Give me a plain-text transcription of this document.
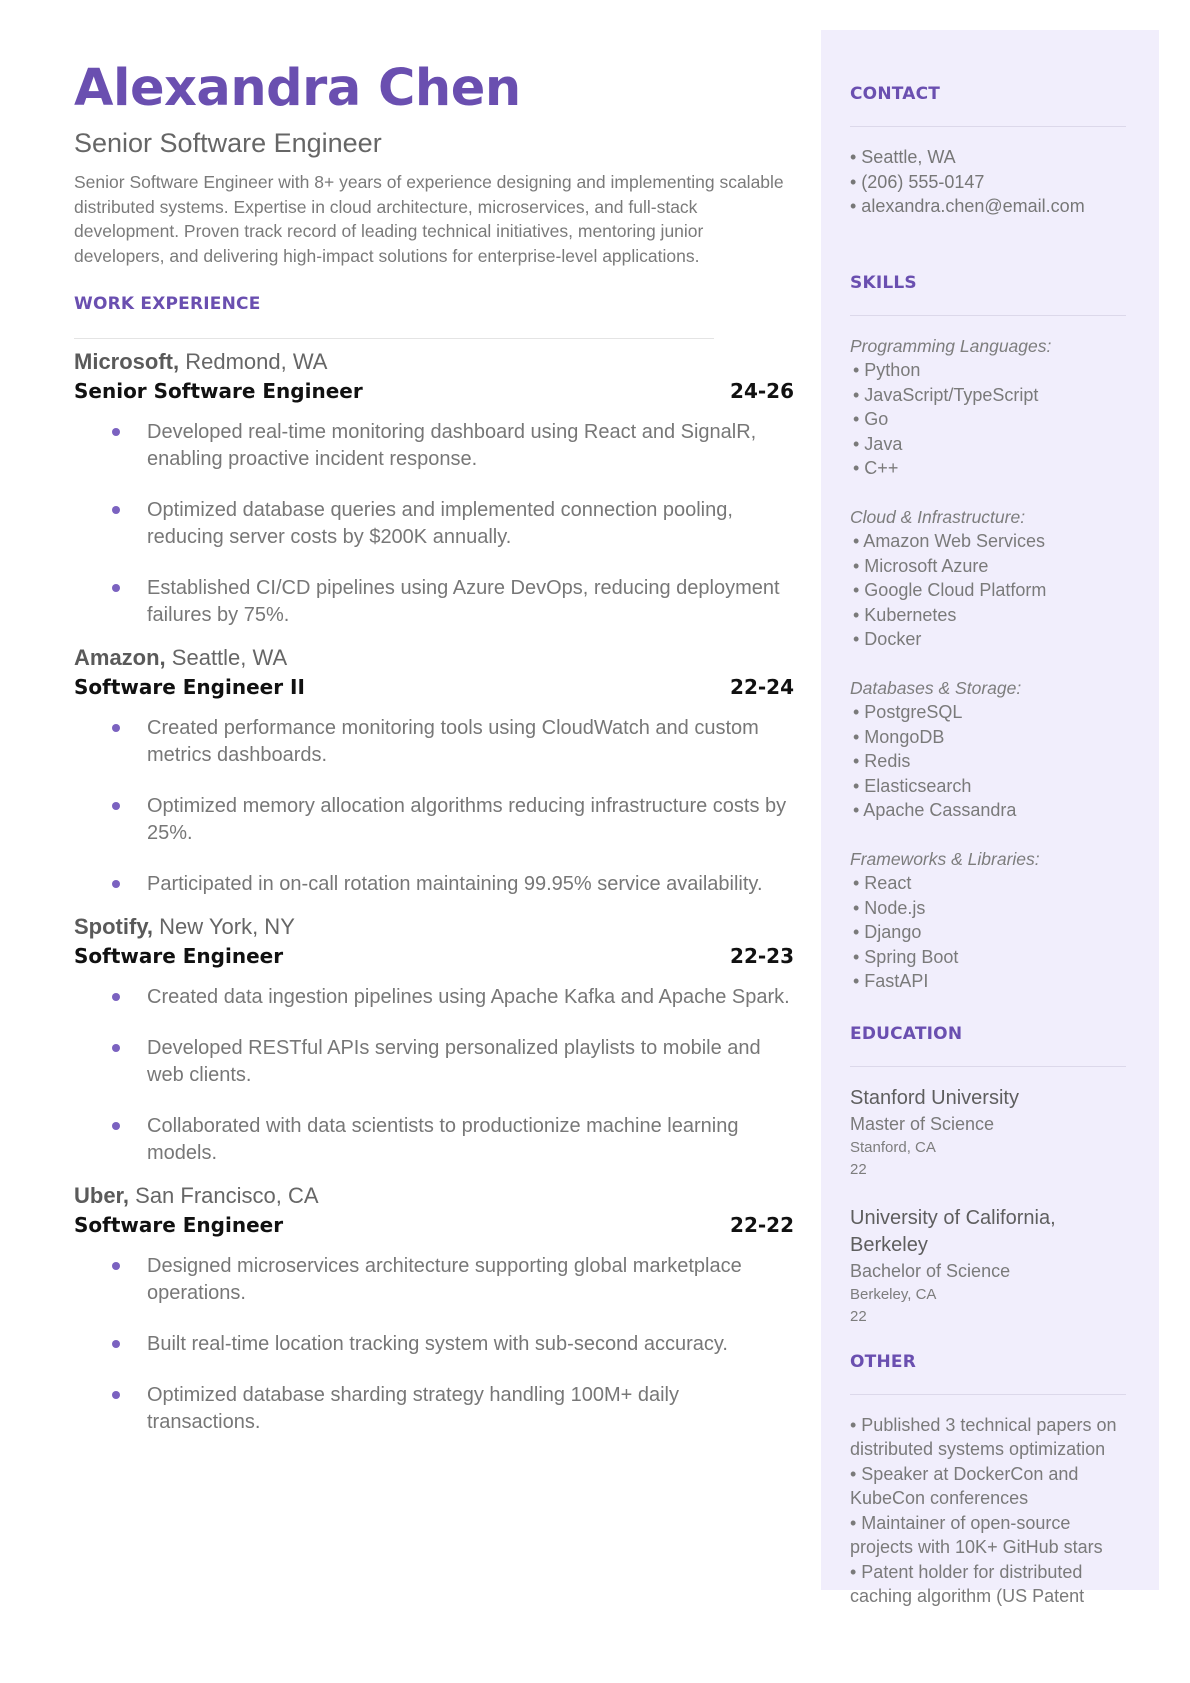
Alexandra Chen
Senior Software Engineer
Senior Software Engineer with 8+ years of experience designing and implementing scalable distributed systems. Expertise in cloud architecture, microservices, and full-stack development. Proven track record of leading technical initiatives, mentoring junior developers, and delivering high-impact solutions for enterprise-level applications.
WORK EXPERIENCE
Microsoft, Redmond, WA
Senior Software Engineer	24-26
Developed real-time monitoring dashboard using React and SignalR, enabling proactive incident response.
Optimized database queries and implemented connection pooling, reducing server costs by $200K annually.
Established CI/CD pipelines using Azure DevOps, reducing deployment failures by 75%.
Amazon, Seattle, WA
Software Engineer II	22-24
Created performance monitoring tools using CloudWatch and custom metrics dashboards.
Optimized memory allocation algorithms reducing infrastructure costs by 25%.
Participated in on-call rotation maintaining 99.95% service availability.
Spotify, New York, NY
Software Engineer	22-23
Created data ingestion pipelines using Apache Kafka and Apache Spark.
Developed RESTful APIs serving personalized playlists to mobile and web clients.
Collaborated with data scientists to productionize machine learning models.
Uber, San Francisco, CA
Software Engineer	22-22
Designed microservices architecture supporting global marketplace operations.
Built real-time location tracking system with sub-second accuracy.
Optimized database sharding strategy handling 100M+ daily transactions.
CONTACT
• Seattle, WA
• (206) 555-0147
• alexandra.chen@email.com
SKILLS
Programming Languages:
• Python
• JavaScript/TypeScript
• Go
• Java
• C++
Cloud & Infrastructure:
• Amazon Web Services
• Microsoft Azure
• Google Cloud Platform
• Kubernetes
• Docker
Databases & Storage:
• PostgreSQL
• MongoDB
• Redis
• Elasticsearch
• Apache Cassandra
Frameworks & Libraries:
• React
• Node.js
• Django
• Spring Boot
• FastAPI
EDUCATION
Stanford University
Master of Science
Stanford, CA
22
University of California, Berkeley
Bachelor of Science
Berkeley, CA
22
OTHER
• Published 3 technical papers on distributed systems optimization
• Speaker at DockerCon and KubeCon conferences
• Maintainer of open-source projects with 10K+ GitHub stars
• Patent holder for distributed caching algorithm (US Patent
